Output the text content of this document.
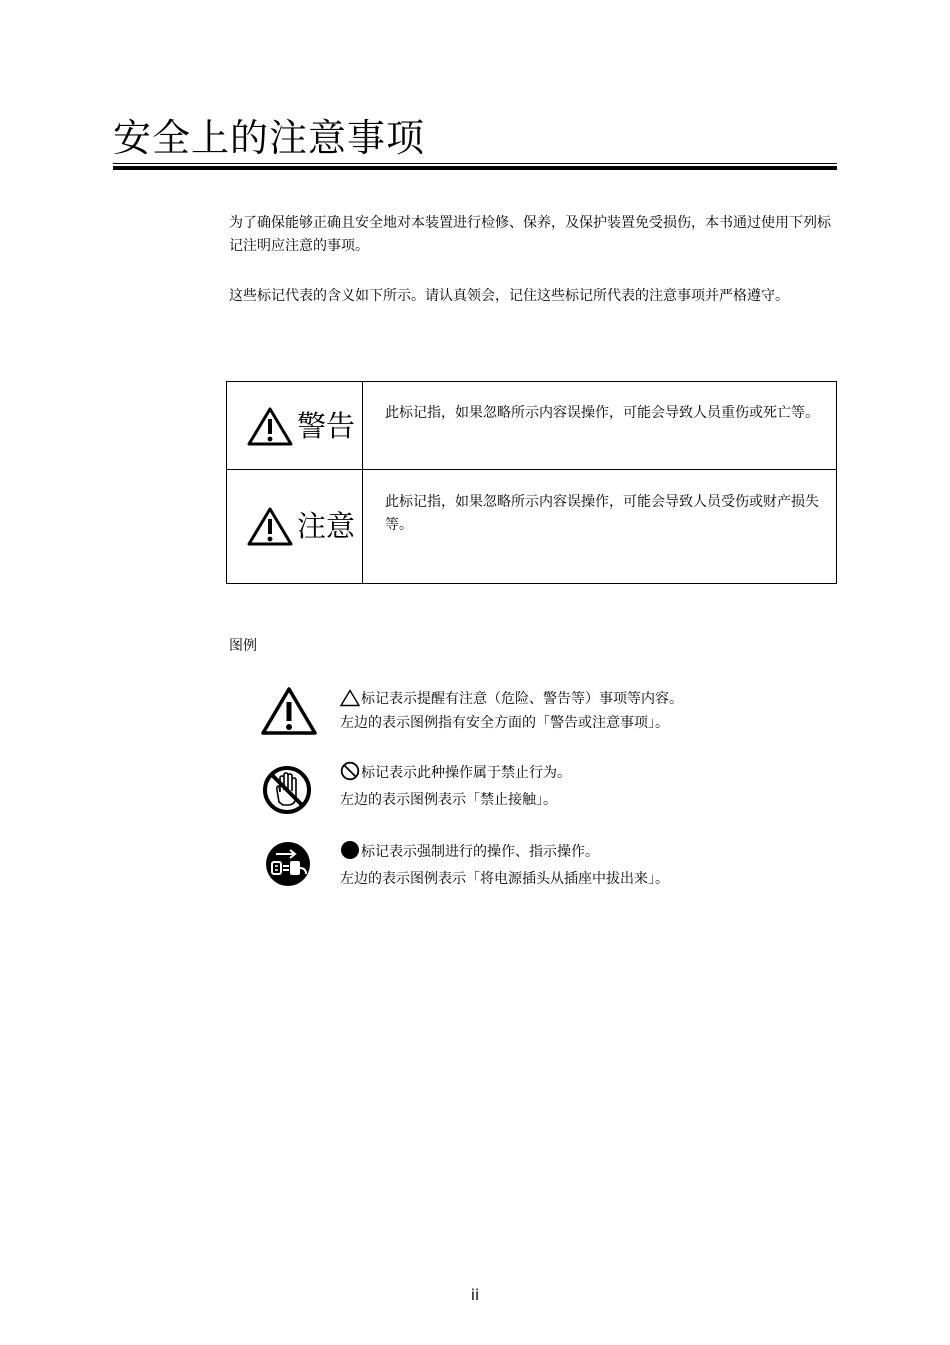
安全上的注意事项
为了确保能够正确且安全地对本装置进行检修、保养，及保护装置免受损伤，本书通过使用下列标记注明应注意的事项。
这些标记代表的含义如下所示。请认真领会，记住这些标记所代表的注意事项并严格遵守。
警告 此标记指，如果忽略所示内容误操作，可能会导致人员重伤或死亡等。
注意
此标记指，如果忽略所示内容误操作，可能会导致人员受伤或财产损失等。
图例
标记表示提醒有注意（危险、警告等）事项等内容。
左边的表示图例指有安全方面的「警告或注意事项」。
标记表示此种操作属于禁止行为。
左边的表示图例表示「禁止接触」。
标记表示强制进行的操作、指示操作。
左边的表示图例表示「将电源插头从插座中拔出来」。
ii
